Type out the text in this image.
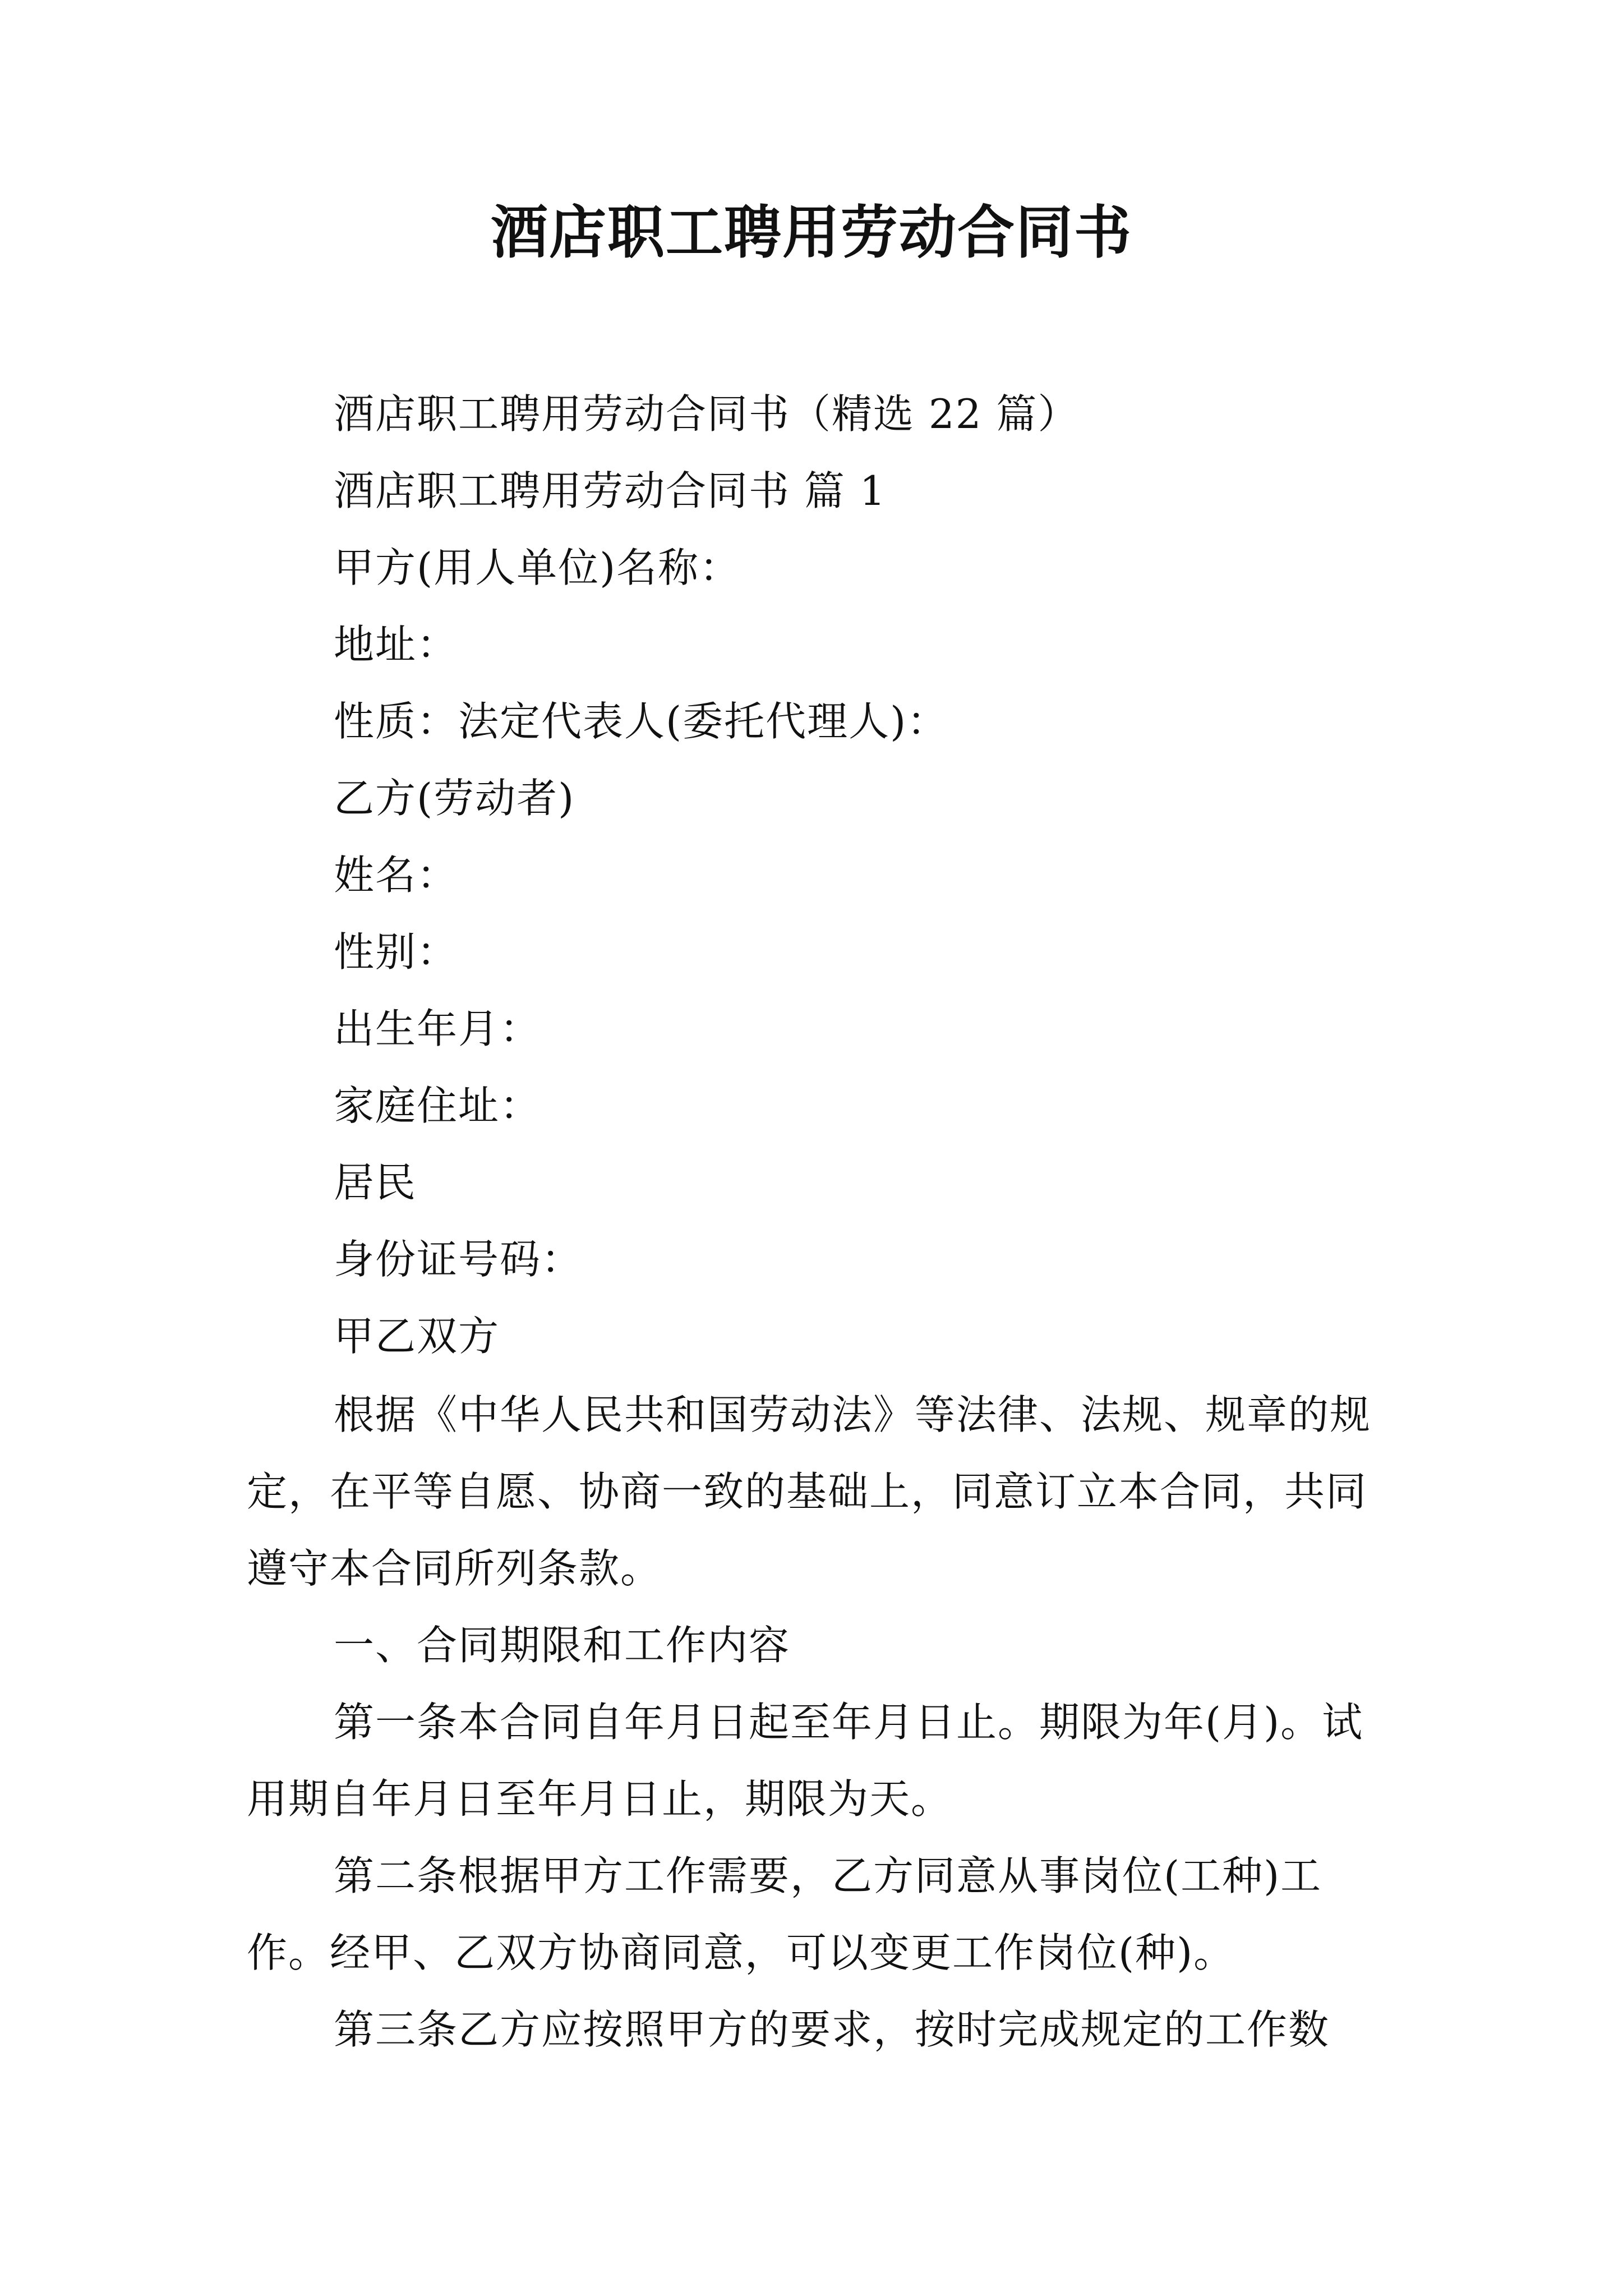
酒店职工聘用劳动合同书
酒店职工聘用劳动合同书（精选 22 篇）
酒店职工聘用劳动合同书 篇 1
甲方(用人单位)名称：
地址：
性质：法定代表人(委托代理人)：
乙方(劳动者)
姓名：
性别：
出生年月：
家庭住址：
居民
身份证号码：
甲乙双方
根据《中华人民共和国劳动法》等法律、法规、规章的规定，在平等自愿、协商一致的基础上，同意订立本合同，共同遵守本合同所列条款。
一、合同期限和工作内容
第一条本合同自年月日起至年月日止。期限为年(月)。试用期自年月日至年月日止，期限为天。
第二条根据甲方工作需要，乙方同意从事岗位(工种)工作。经甲、乙双方协商同意，可以变更工作岗位(种)。
第三条乙方应按照甲方的要求，按时完成规定的工作数
